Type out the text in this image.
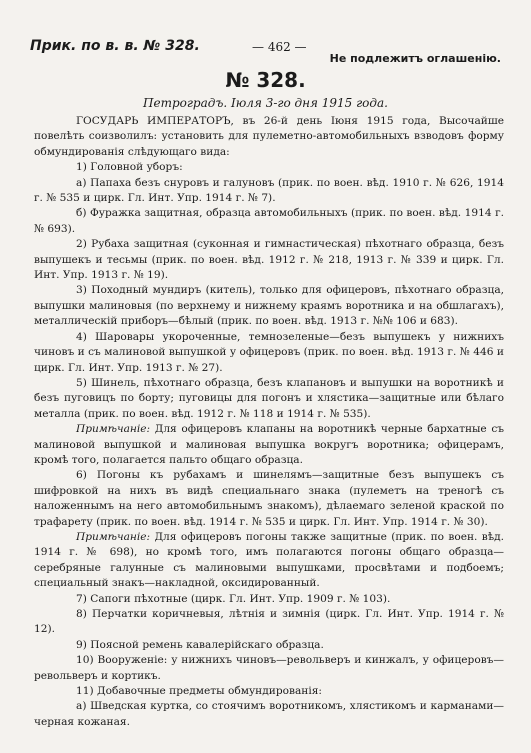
Прик. по в. в. № 328.	— 462 —
Не подлежитъ оглашенію.
№ 328.
Петроградъ. Іюля 3-го дня 1915 года.

ГОСУДАРЬ ИМПЕРАТОРЪ, въ 26-й день Іюня 1915 года, Высочайше повелѣть соизволилъ: установить для пулеметно-автомобильныхъ взводовъ форму обмундированія слѣдующаго вида:

1) Головной уборъ:

а) Папаха безъ снуровъ и галуновъ (прик. по воен. вѣд. 1910 г. № 626, 1914 г. № 535 и цирк. Гл. Инт. Упр. 1914 г. № 7).

б) Фуражка защитная, образца автомобильныхъ (прик. по воен. вѣд. 1914 г. № 693).

2) Рубаха защитная (суконная и гимнастическая) пѣхотнаго образца, безъ выпушекъ и тесьмы (прик. по воен. вѣд. 1912 г. № 218, 1913 г. № 339 и цирк. Гл. Инт. Упр. 1913 г. № 19).

3) Походный мундиръ (китель), только для офицеровъ, пѣхотнаго образца, выпушки малиновыя (по верхнему и нижнему краямъ воротника и на обшлагахъ), металлическій приборъ—бѣлый (прик. по воен. вѣд. 1913 г. №№ 106 и 683).

4) Шаровары укороченные, темнозеленые—безъ выпушекъ у нижнихъ чиновъ и съ малиновой выпушкой у офицеровъ (прик. по воен. вѣд. 1913 г. № 446 и цирк. Гл. Инт. Упр. 1913 г. № 27).

5) Шинель, пѣхотнаго образца, безъ клапановъ и выпушки на воротникѣ и безъ пуговицъ по борту; пуговицы для погонъ и хлястика—защитные или бѣлаго металла (прик. по воен. вѣд. 1912 г. № 118 и 1914 г. № 535).

Примѣчаніе: Для офицеровъ клапаны на воротникѣ черные бархатные съ малиновой выпушкой и малиновая выпушка вокругъ воротника; офицерамъ, кромѣ того, полагается пальто общаго образца.

6) Погоны къ рубахамъ и шинелямъ—защитные безъ выпушекъ съ шифровкой на нихъ въ видѣ специальнаго знака (пулеметъ на треногѣ съ наложеннымъ на него автомобильнымъ знакомъ), дѣлаемаго зеленой краской по трафарету (прик. по воен. вѣд. 1914 г. № 535 и цирк. Гл. Инт. Упр. 1914 г. № 30).

Примѣчаніе: Для офицеровъ погоны также защитные (прик. по воен. вѣд. 1914 г. № 698), но кромѣ того, имъ полагаются погоны общаго образца—серебряные галунные съ малиновыми выпушками, просвѣтами и подбоемъ; специальный знакъ—накладной, оксидированный.

7) Сапоги пѣхотные (цирк. Гл. Инт. Упр. 1909 г. № 103).

8) Перчатки коричневыя, лѣтнія и зимнія (цирк. Гл. Инт. Упр. 1914 г. № 12).

9) Поясной ремень кавалерійскаго образца.

10) Вооруженіе: у нижнихъ чиновъ—револьверъ и кинжалъ, у офицеровъ—револьверъ и кортикъ.

11) Добавочные предметы обмундированія:

а) Шведская куртка, со стоячимъ воротникомъ, хлястикомъ и карманами—черная кожаная.
